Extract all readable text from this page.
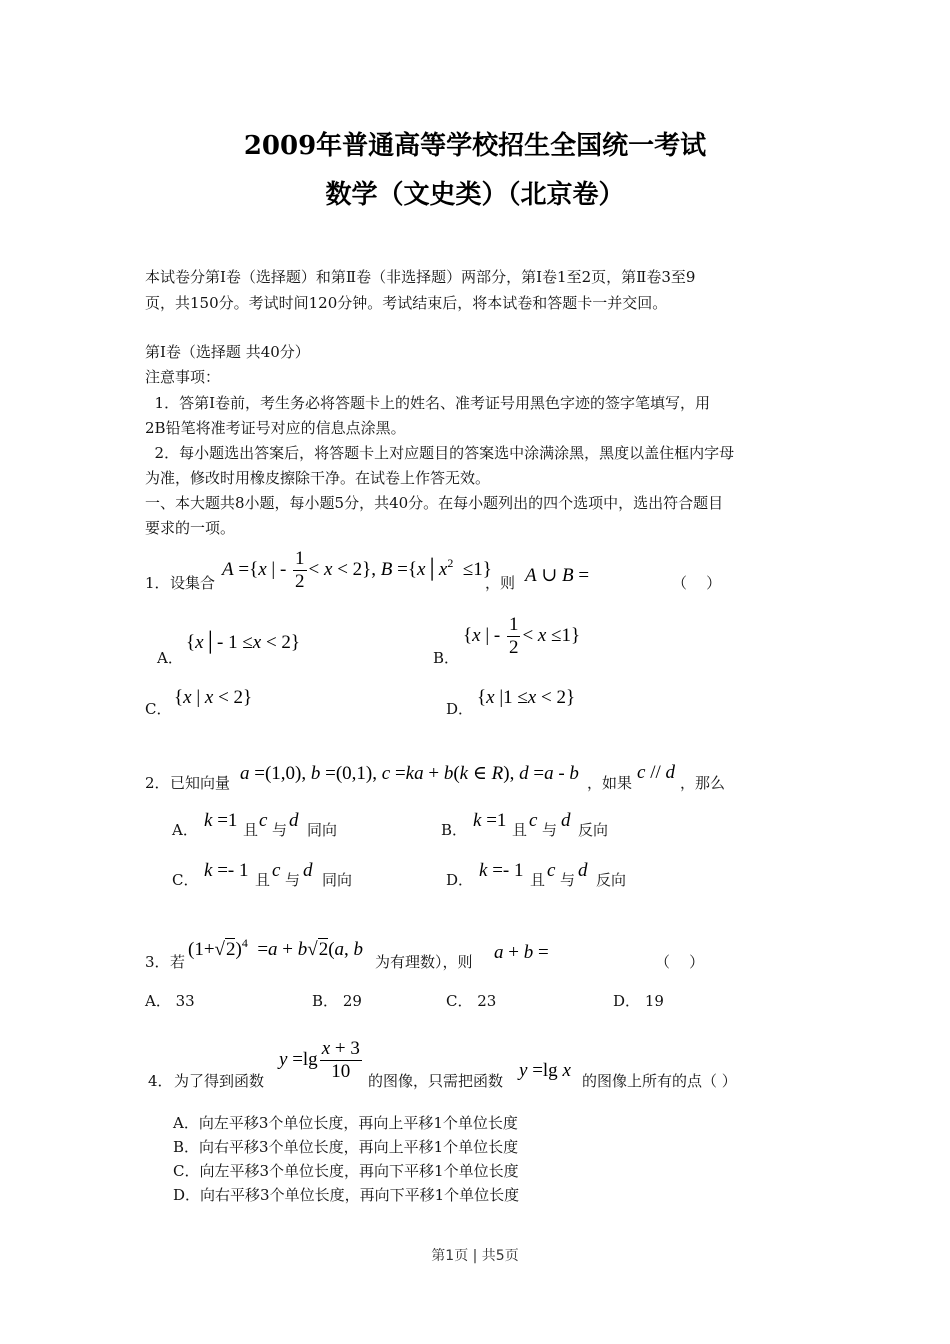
2009年普通高等学校招生全国统一考试
数学（文史类）（北京卷）
本试卷分第Ⅰ卷（选择题）和第Ⅱ卷（非选择题）两部分，第Ⅰ卷1至2页，第Ⅱ卷3至9
页，共150分。考试时间120分钟。考试结束后，将本试卷和答题卡一并交回。
第Ⅰ卷（选择题 共40分）
注意事项：
1．答第Ⅰ卷前，考生务必将答题卡上的姓名、准考证号用黑色字迹的签字笔填写，用
2B铅笔将准考证号对应的信息点涂黑。
2．每小题选出答案后，将答题卡上对应题目的答案选中涂满涂黑，黑度以盖住框内字母
为准，修改时用橡皮擦除干净。在试卷上作答无效。
一、本大题共8小题，每小题5分，共40分。在每小题列出的四个选项中，选出符合题目
要求的一项。
1． 设集合
A ={x | - $\frac{1}{2} < x < 2$}, $B =\{x│x^2 \le 1\}$
，则 A ∪ B =	（    ）
A．
{x│- 1 ≤x < 2}
B．
{x | - $\frac{1}{2} < x \le 1$}
C．
{x | x < 2}
D．
{x |1 ≤x < 2}
2． 已知向量 a =(1,0), b =(0,1), c =ka + b(k ∈ R), d =a - b ，如果 c // d ，那么
A． k =1 且 c 与 d 同向	B． k =1 且 c 与 d 反向
C． k =- 1 且 c 与 d 同向	D． k =- 1 且 c 与 d 反向
3． 若
$(1+√2)^4 =a + b√2(a$, b
为有理数），则 a + b =	（    ）
A． 33	B． 29	C． 23	D． 19
4． 为了得到函数
$y =\lg \frac{x + 3}{10}$ 的图像，只需把函数 y =lg x 的图像上所有的点（ ）
A．向左平移3个单位长度，再向上平移1个单位长度
B．向右平移3个单位长度，再向上平移1个单位长度
C．向左平移3个单位长度，再向下平移1个单位长度
D．向右平移3个单位长度，再向下平移1个单位长度
第1页 | 共5页
